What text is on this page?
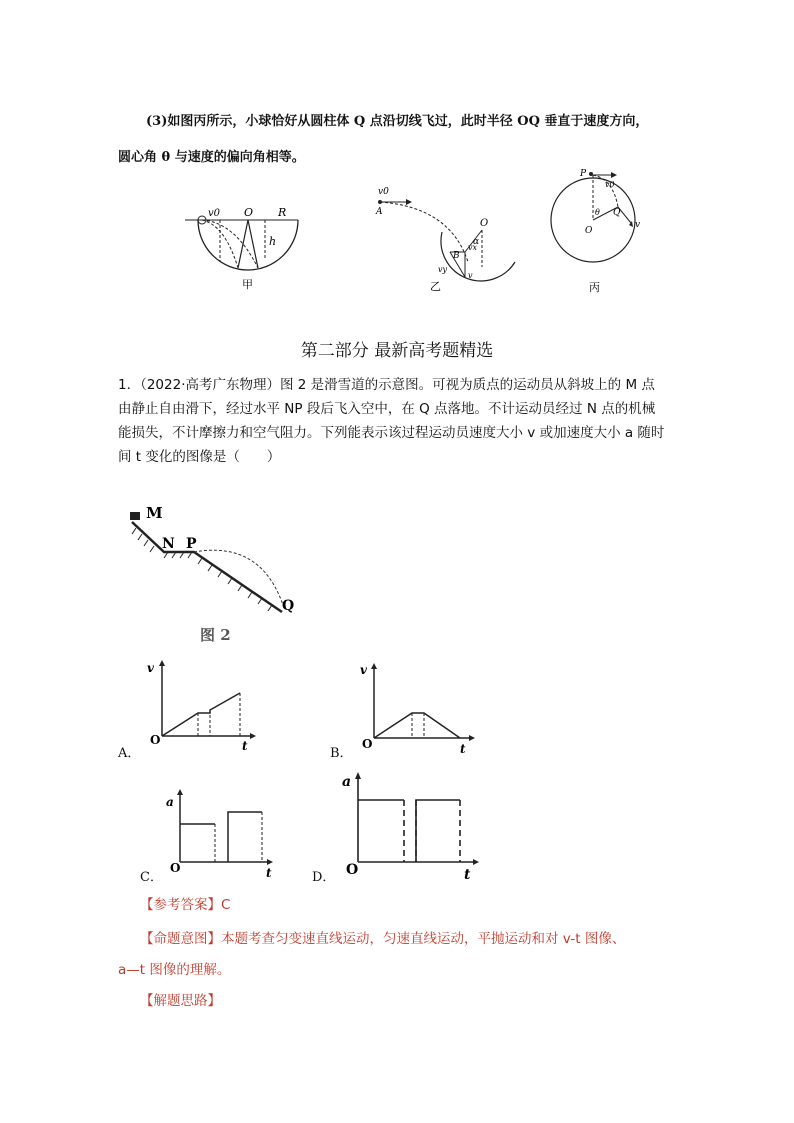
(3)如图丙所示，小球恰好从圆柱体 Q 点沿切线飞过，此时半径 OQ 垂直于速度方向，
圆心角 θ 与速度的偏向角相等。
v0 O R
h
甲
v0
A
O
α
B
vx
vy
v
乙
P
v0
θ Q
O
v
丙
第二部分 最新高考题精选
1．（2022·高考广东物理）图 2 是滑雪道的示意图。可视为质点的运动员从斜坡上的 M 点
由静止自由滑下，经过水平 NP 段后飞入空中，在 Q 点落地。不计运动员经过 N 点的机械
能损失，不计摩擦力和空气阻力。下列能表示该过程运动员速度大小 v 或加速度大小 a 随时
间 t 变化的图像是（　　）
M
N P
Q
图 2
v
O	t
A．
v
O	t
B．
a
O	t
C．
a
O	t
D．
【参考答案】C
【命题意图】本题考查匀变速直线运动，匀速直线运动，平抛运动和对 v-t 图像、
a—t 图像的理解。
【解题思路】
